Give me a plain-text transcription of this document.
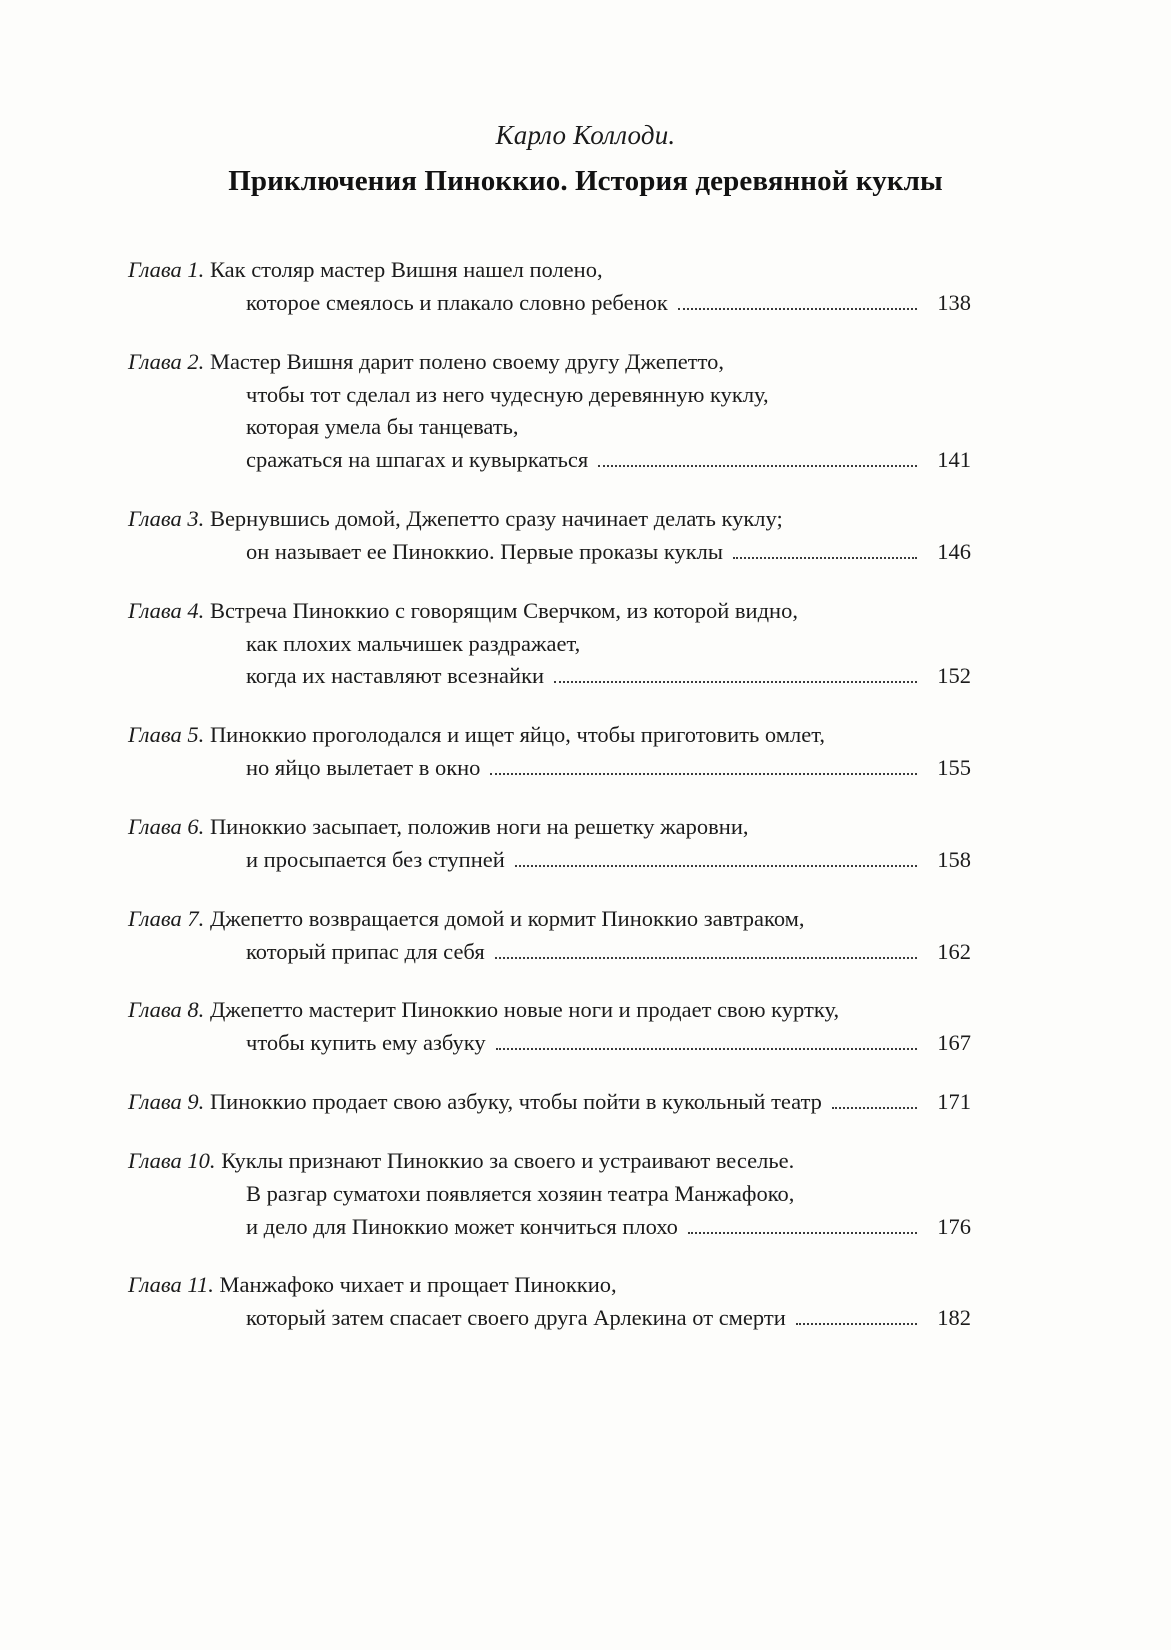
Карло Коллоди.
Приключения Пиноккио. История деревянной куклы
Глава 1. Как столяр мастер Вишня нашел полено,
которое смеялось и плакало словно ребенок	138
Глава 2. Мастер Вишня дарит полено своему другу Джепетто,
чтобы тот сделал из него чудесную деревянную куклу,
которая умела бы танцевать,
сражаться на шпагах и кувыркаться	141
Глава 3. Вернувшись домой, Джепетто сразу начинает делать куклу;
он называет ее Пиноккио. Первые проказы куклы	146
Глава 4. Встреча Пиноккио с говорящим Сверчком, из которой видно,
как плохих мальчишек раздражает,
когда их наставляют всезнайки	152
Глава 5. Пиноккио проголодался и ищет яйцо, чтобы приготовить омлет,
но яйцо вылетает в окно	155
Глава 6. Пиноккио засыпает, положив ноги на решетку жаровни,
и просыпается без ступней	158
Глава 7. Джепетто возвращается домой и кормит Пиноккио завтраком,
который припас для себя	162
Глава 8. Джепетто мастерит Пиноккио новые ноги и продает свою куртку,
чтобы купить ему азбуку	167
Глава 9. Пиноккио продает свою азбуку, чтобы пойти в кукольный театр	171
Глава 10. Куклы признают Пиноккио за своего и устраивают веселье.
В разгар суматохи появляется хозяин театра Манжафоко,
и дело для Пиноккио может кончиться плохо	176
Глава 11. Манжафоко чихает и прощает Пиноккио,
который затем спасает своего друга Арлекина от смерти	182
